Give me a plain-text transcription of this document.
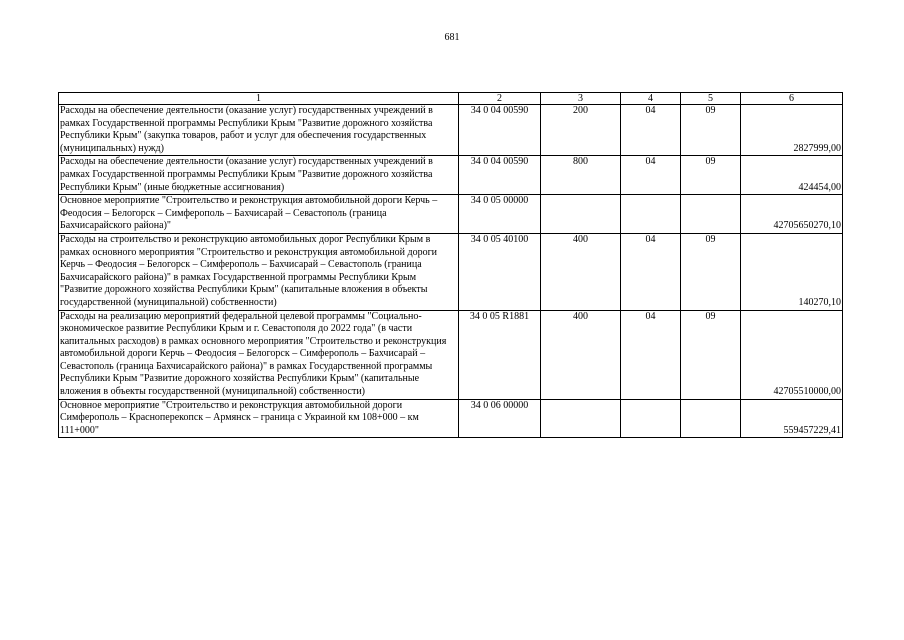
681
1	2	3	4	5	6
Расходы на обеспечение деятельности (оказание услуг) государственных учреждений в рамках Государственной программы Республики Крым "Развитие дорожного хозяйства Республики Крым" (закупка товаров, работ и услуг для обеспечения государственных (муниципальных) нужд)	34 0 04 00590	200	04	09	2827999,00
Расходы на обеспечение деятельности (оказание услуг) государственных учреждений в рамках Государственной программы Республики Крым "Развитие дорожного хозяйства Республики Крым" (иные бюджетные ассигнования)	34 0 04 00590	800	04	09	424454,00
Основное мероприятие "Строительство и реконструкция автомобильной дороги Керчь – Феодосия – Белогорск – Симферополь – Бахчисарай – Севастополь (граница Бахчисарайского района)"	34 0 05 00000				42705650270,10
Расходы на строительство и реконструкцию автомобильных дорог Республики Крым в рамках основного мероприятия "Строительство и реконструкция автомобильной дороги Керчь – Феодосия – Белогорск – Симферополь – Бахчисарай – Севастополь (граница Бахчисарайского района)" в рамках Государственной программы Республики Крым "Развитие дорожного хозяйства Республики Крым" (капитальные вложения в объекты государственной (муниципальной) собственности)	34 0 05 40100	400	04	09	140270,10
Расходы на реализацию мероприятий федеральной целевой программы "Социально-экономическое развитие Республики Крым и г. Севастополя до 2022 года" (в части капитальных расходов) в рамках основного мероприятия "Строительство и реконструкция автомобильной дороги Керчь – Феодосия – Белогорск – Симферополь – Бахчисарай – Севастополь (граница Бахчисарайского района)" в рамках Государственной программы Республики Крым "Развитие дорожного хозяйства Республики Крым" (капитальные вложения в объекты государственной (муниципальной) собственности)	34 0 05 R1881	400	04	09	42705510000,00
Основное мероприятие "Строительство и реконструкция автомобильной дороги Симферополь – Красноперекопск – Армянск – граница с Украиной км 108+000 – км 111+000"	34 0 06 00000				559457229,41
